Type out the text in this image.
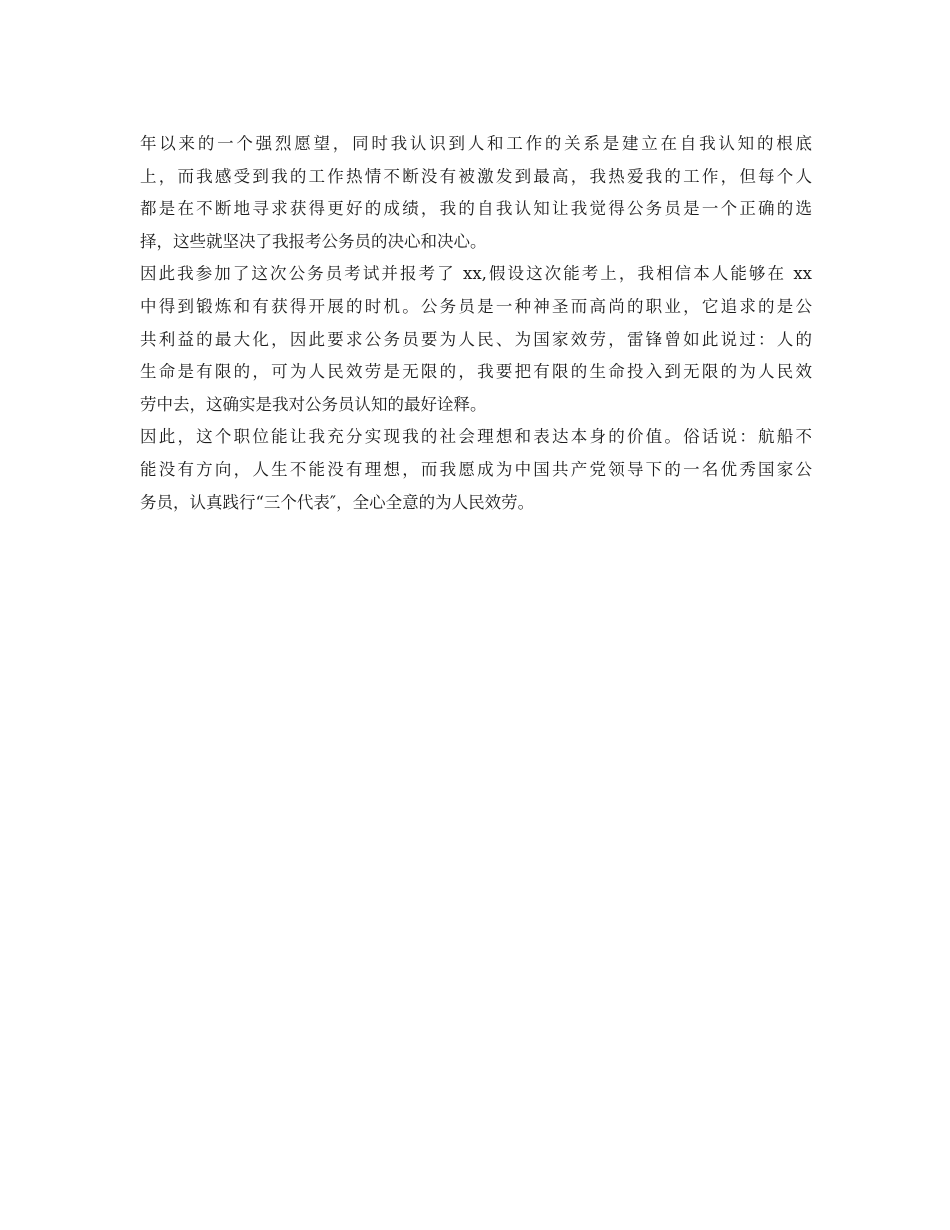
年以来的一个强烈愿望，同时我认识到人和工作的关系是建立在自我认知的根底
上，而我感受到我的工作热情不断没有被激发到最高，我热爱我的工作，但每个人
都是在不断地寻求获得更好的成绩，我的自我认知让我觉得公务员是一个正确的选
择，这些就坚决了我报考公务员的决心和决心。
因此我参加了这次公务员考试并报考了 xx,假设这次能考上，我相信本人能够在 xx
中得到锻炼和有获得开展的时机。公务员是一种神圣而高尚的职业，它追求的是公
共利益的最大化，因此要求公务员要为人民、为国家效劳，雷锋曾如此说过：人的
生命是有限的，可为人民效劳是无限的，我要把有限的生命投入到无限的为人民效
劳中去，这确实是我对公务员认知的最好诠释。
因此，这个职位能让我充分实现我的社会理想和表达本身的价值。俗话说：航船不
能没有方向，人生不能没有理想，而我愿成为中国共产党领导下的一名优秀国家公
务员，认真践行“三个代表″，全心全意的为人民效劳。
